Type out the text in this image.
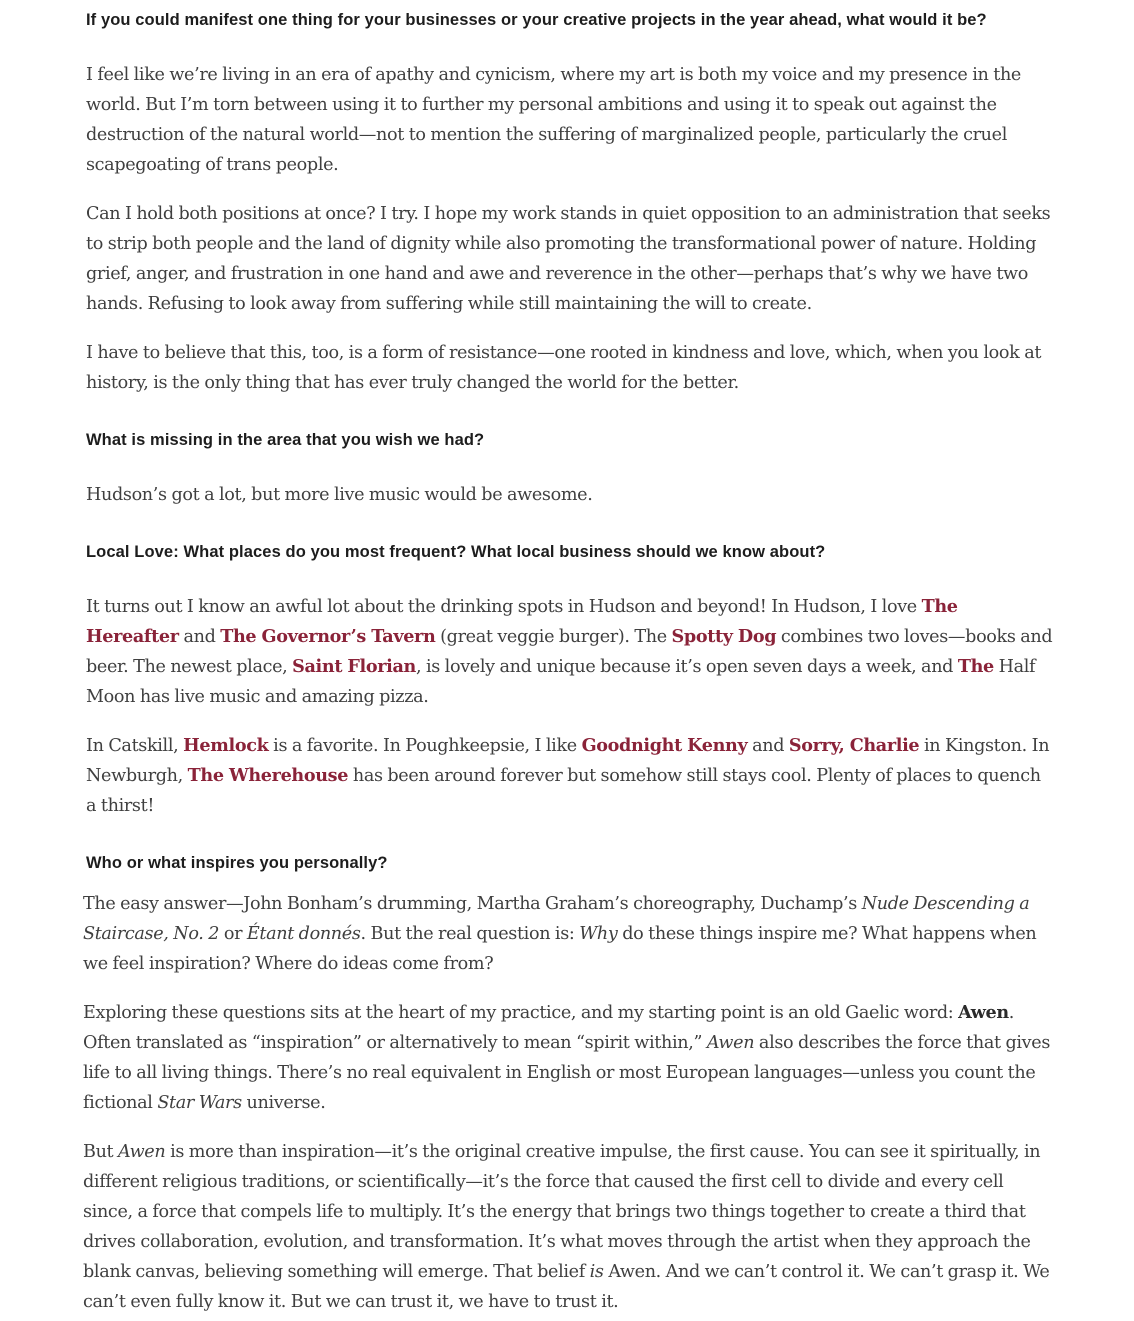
If you could manifest one thing for your businesses or your creative projects in the year ahead, what would it be?

I feel like we’re living in an era of apathy and cynicism, where my art is both my voice and my presence in the world. But I’m torn between using it to further my personal ambitions and using it to speak out against the destruction of the natural world—not to mention the suffering of marginalized people, particularly the cruel scapegoating of trans people.

Can I hold both positions at once? I try. I hope my work stands in quiet opposition to an administration that seeks to strip both people and the land of dignity while also promoting the transformational power of nature. Holding grief, anger, and frustration in one hand and awe and reverence in the other—perhaps that’s why we have two hands. Refusing to look away from suffering while still maintaining the will to create.

I have to believe that this, too, is a form of resistance—one rooted in kindness and love, which, when you look at history, is the only thing that has ever truly changed the world for the better.

What is missing in the area that you wish we had?

Hudson’s got a lot, but more live music would be awesome.

Local Love: What places do you most frequent? What local business should we know about?

It turns out I know an awful lot about the drinking spots in Hudson and beyond! In Hudson, I love The Hereafter and The Governor’s Tavern (great veggie burger). The Spotty Dog combines two loves—books and beer. The newest place, Saint Florian, is lovely and unique because it’s open seven days a week, and The Half Moon has live music and amazing pizza.

In Catskill, Hemlock is a favorite. In Poughkeepsie, I like Goodnight Kenny and Sorry, Charlie in Kingston. In Newburgh, The Wherehouse has been around forever but somehow still stays cool. Plenty of places to quench a thirst!

Who or what inspires you personally?

The easy answer—John Bonham’s drumming, Martha Graham’s choreography, Duchamp’s Nude Descending a Staircase, No. 2 or Étant donnés. But the real question is: Why do these things inspire me? What happens when we feel inspiration? Where do ideas come from?

Exploring these questions sits at the heart of my practice, and my starting point is an old Gaelic word: Awen. Often translated as “inspiration” or alternatively to mean “spirit within,” Awen also describes the force that gives life to all living things. There’s no real equivalent in English or most European languages—unless you count the fictional Star Wars universe.

But Awen is more than inspiration—it’s the original creative impulse, the first cause. You can see it spiritually, in different religious traditions, or scientifically—it’s the force that caused the first cell to divide and every cell since, a force that compels life to multiply. It’s the energy that brings two things together to create a third that drives collaboration, evolution, and transformation. It’s what moves through the artist when they approach the blank canvas, believing something will emerge. That belief is Awen. And we can’t control it. We can’t grasp it. We can’t even fully know it. But we can trust it, we have to trust it.
